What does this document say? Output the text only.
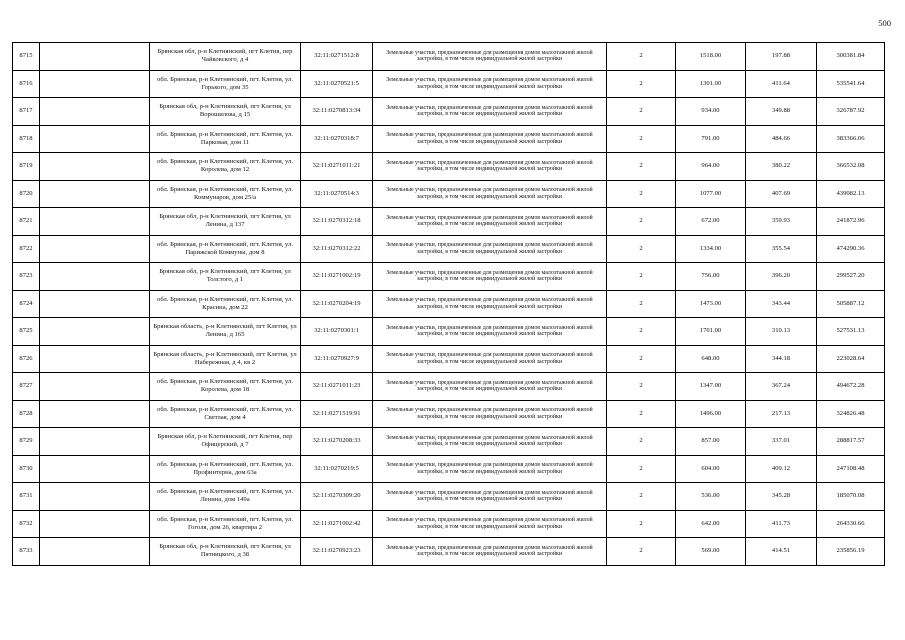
500
8715		Брянская обл, р-н Клетнянский, пгт Клетня, пер Чайковского, д 4	32:11:0271512:8	Земельные участки, предназначенные для размещения домов малоэтажной жилой застройки, в том числе индивидуальной жилой застройки	2	1518.00	197.88	300381.84
8716		обл. Брянская, р-н Клетнянский, пгт. Клетня, ул. Горького, дом 35	32:11:0270521:5	Земельные участки, предназначенные для размещения домов малоэтажной жилой застройки, в том числе индивидуальной жилой застройки	2	1301.00	411.64	535541.64
8717		Брянская обл, р-н Клетнянский, пгт Клетня, ул Ворошилова, д 15	32:11:0270813:34	Земельные участки, предназначенные для размещения домов малоэтажной жилой застройки, в том числе индивидуальной жилой застройки	2	934.00	349.88	326787.92
8718		обл. Брянская, р-н Клетнянский, пгт. Клетня, ул. Парковая, дом 11	32:11:0270318:7	Земельные участки, предназначенные для размещения домов малоэтажной жилой застройки, в том числе индивидуальной жилой застройки	2	791.00	484.66	383366.06
8719		обл. Брянская, р-н Клетнянский, пгт. Клетня, ул. Королева, дом 12	32:11:0271011:21	Земельные участки, предназначенные для размещения домов малоэтажной жилой застройки, в том числе индивидуальной жилой застройки	2	964.00	380.22	366532.08
8720		обл. Брянская, р-н Клетнянский, пгт. Клетня, ул. Коммунаров, дом 25/а	32:11:0270514:3	Земельные участки, предназначенные для размещения домов малоэтажной жилой застройки, в том числе индивидуальной жилой застройки	2	1077.00	407.69	439082.13
8721		Брянская обл, р-н Клетнянский, пгт Клетня, ул Ленина, д 137	32:11:0270312:18	Земельные участки, предназначенные для размещения домов малоэтажной жилой застройки, в том числе индивидуальной жилой застройки	2	672.00	359.93	241872.96
8722		обл. Брянская, р-н Клетнянский, пгт. Клетня, ул. Парижской Коммуны, дом 8	32:11:0270312:22	Земельные участки, предназначенные для размещения домов малоэтажной жилой застройки, в том числе индивидуальной жилой застройки	2	1334.00	355.54	474290.36
8723		Брянская обл, р-н Клетнянский, пгт Клетня, ул Толстого, д 1	32:11:0271002:19	Земельные участки, предназначенные для размещения домов малоэтажной жилой застройки, в том числе индивидуальной жилой застройки	2	756.00	396.20	299527.20
8724		обл. Брянская, р-н Клетнянский, пгт. Клетня, ул. Красина, дом 22	32:11:0270204:19	Земельные участки, предназначенные для размещения домов малоэтажной жилой застройки, в том числе индивидуальной жилой застройки	2	1473.00	343.44	505887.12
8725		Брянская область, р-н Клетнянский, пгт Клетня, ул Ленина, д 165	32:11:0270301:1	Земельные участки, предназначенные для размещения домов малоэтажной жилой застройки, в том числе индивидуальной жилой застройки	2	1701.00	310.13	527531.13
8726		Брянская область, р-н Клетнянский, пгт Клетня, ул Набережная, д 4, кв 2	32:11:0270927:9	Земельные участки, предназначенные для размещения домов малоэтажной жилой застройки, в том числе индивидуальной жилой застройки	2	648.00	344.18	223028.64
8727		обл. Брянская, р-н Клетнянский, пгт. Клетня, ул. Королева, дом 18	32:11:0271011:23	Земельные участки, предназначенные для размещения домов малоэтажной жилой застройки, в том числе индивидуальной жилой застройки	2	1347.00	367.24	494672.28
8728		обл. Брянская, р-н Клетнянский, пгт. Клетня, ул. Светлая, дом 4	32:11:0271519:91	Земельные участки, предназначенные для размещения домов малоэтажной жилой застройки, в том числе индивидуальной жилой застройки	2	1496.00	217.13	324826.48
8729		Брянская обл, р-н Клетнянский, пгт Клетня, пер Офицерский, д 7	32:11:0270208:33	Земельные участки, предназначенные для размещения домов малоэтажной жилой застройки, в том числе индивидуальной жилой застройки	2	857.00	337.01	288817.57
8730		обл. Брянская, р-н Клетнянский, пгт. Клетня, ул. Профинтерна, дом 63а	32:11:0270219:5	Земельные участки, предназначенные для размещения домов малоэтажной жилой застройки, в том числе индивидуальной жилой застройки	2	604.00	409.12	247108.48
8731		обл. Брянская, р-н Клетнянский, пгт. Клетня, ул. Ленина, дом 149а	32:11:0270309:20	Земельные участки, предназначенные для размещения домов малоэтажной жилой застройки, в том числе индивидуальной жилой застройки	2	536.00	345.28	185070.08
8732		обл. Брянская, р-н Клетнянский, пгт. Клетня, ул. Гоголя, дом 26, квартира 2	32:11:0271002:42	Земельные участки, предназначенные для размещения домов малоэтажной жилой застройки, в том числе индивидуальной жилой застройки	2	642.00	411.73	264330.66
8733		Брянская обл, р-н Клетнянский, пгт Клетня, ул Пятницкого, д 38	32:11:0270923:23	Земельные участки, предназначенные для размещения домов малоэтажной жилой застройки, в том числе индивидуальной жилой застройки	2	569.00	414.51	235856.19
